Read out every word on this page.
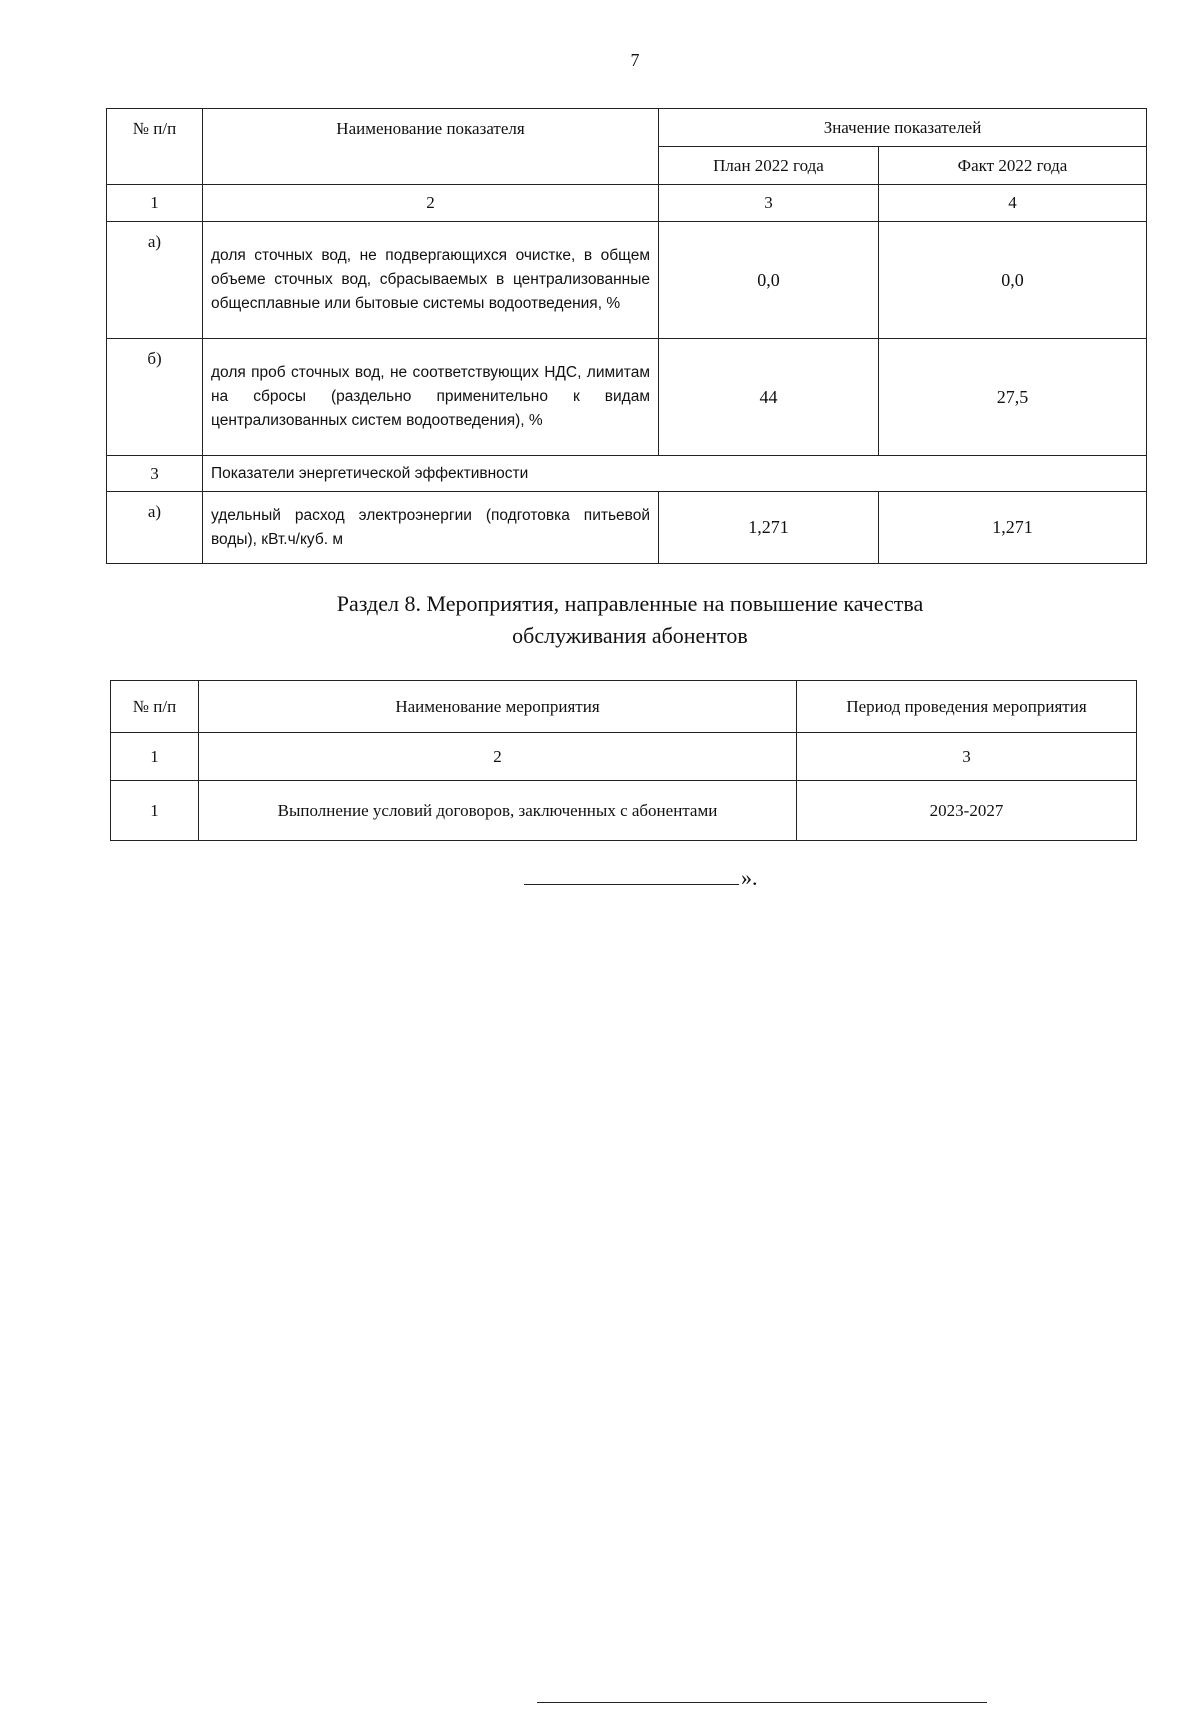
7
№ п/п	Наименование показателя	Значение показателей	
		План 2022 года	Факт 2022 года
1	2	3	4
а)	доля сточных вод, не подвергающихся очистке, в общем объеме сточных вод, сбрасываемых в централизованные общесплавные или бытовые системы водоотведения, %	0,0	0,0
б)	доля проб сточных вод, не соответствующих НДС, лимитам на сбросы (раздельно применительно к видам централизованных систем водоотведения), %	44	27,5
3	Показатели энергетической эффективности		
а)	удельный расход электроэнергии (подготовка питьевой воды), кВт.ч/куб. м	1,271	1,271
Раздел 8. Мероприятия, направленные на повышение качества
обслуживания абонентов
№ п/п	Наименование мероприятия	Период проведения мероприятия
1	2	3
1	Выполнение условий договоров, заключенных с абонентами	2023-2027
».
